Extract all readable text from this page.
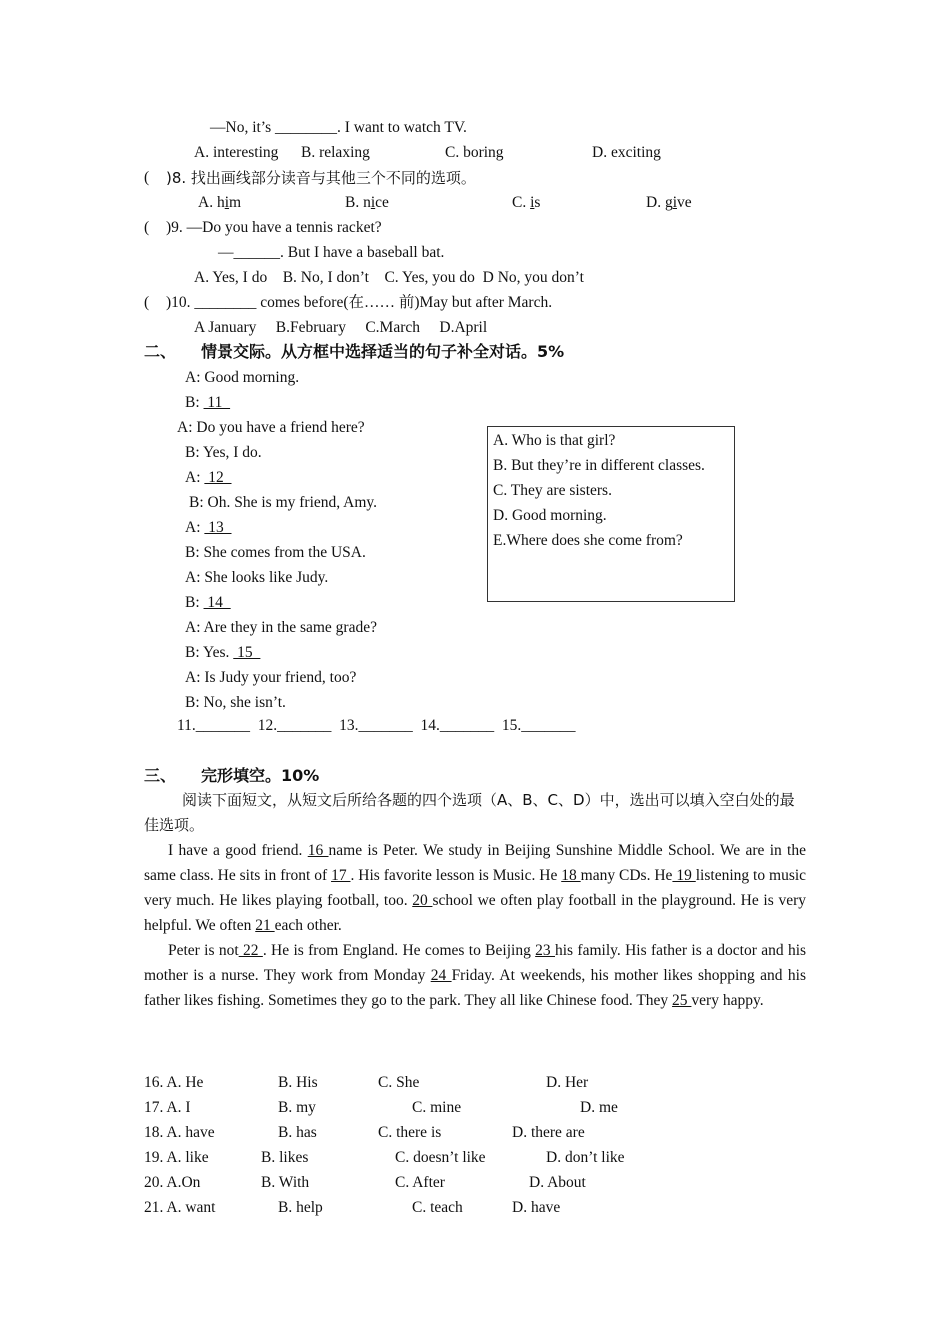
—No, it’s ________. I want to watch TV.
A. interesting B. relaxing	C. boring	D. exciting
( )8. 找出画线部分读音与其他三个不同的选项。
A. him	B. nice	C. is	D. give
( )9. —Do you have a tennis racket?
—______. But I have a baseball bat.
A. Yes, I do    B. No, I don’t    C. Yes, you do  D No, you don’t
( )10. ________ comes before(在…… 前)May but after March.
A January     B.February     C.March     D.April
二、 情景交际。从方框中选择适当的句子补全对话。5%
A: Good morning.
B:  11
A: Do you have a friend here?
B: Yes, I do.
A:  12
B: Oh. She is my friend, Amy.
A:  13
B: She comes from the USA.
A: She looks like Judy.
B:  14
A: Are they in the same grade?
B: Yes.  15
A: Is Judy your friend, too?
B: No, she isn’t.
11._______  12._______  13._______  14._______  15._______
A. Who is that girl?
B. But they’re in different classes.
C. They are sisters.
D. Good morning.
E.Where does she come from?
三、 完形填空。10%
阅读下面短文，从短文后所给各题的四个选项（A、B、C、D）中，选出可以填入空白处的最佳选项。
I have a good friend. 16 name is Peter. We study in Beijing Sunshine Middle School. We are in the same class. He sits in front of 17 . His favorite lesson is Music. He 18 many CDs. He 19 listening to music very much. He likes playing football, too. 20 school we often play football in the playground. He is very helpful. We often 21 each other.
Peter is not 22 . He is from England. He comes to Beijing 23 his family. His father is a doctor and his mother is a nurse. They work from Monday 24 Friday. At weekends, his mother likes shopping and his father likes fishing. Sometimes they go to the park. They all like Chinese food. They 25 very happy.
16. A. He	B. His	C. She	D. Her
17. A. I	B. my	C. mine	D. me
18. A. have	B. has	C. there is	D. there are
19. A. like	B. likes	C. doesn’t like	D. don’t like
20. A.On	B. With	C. After	D. About
21. A. want	B. help	C. teach	D. have
